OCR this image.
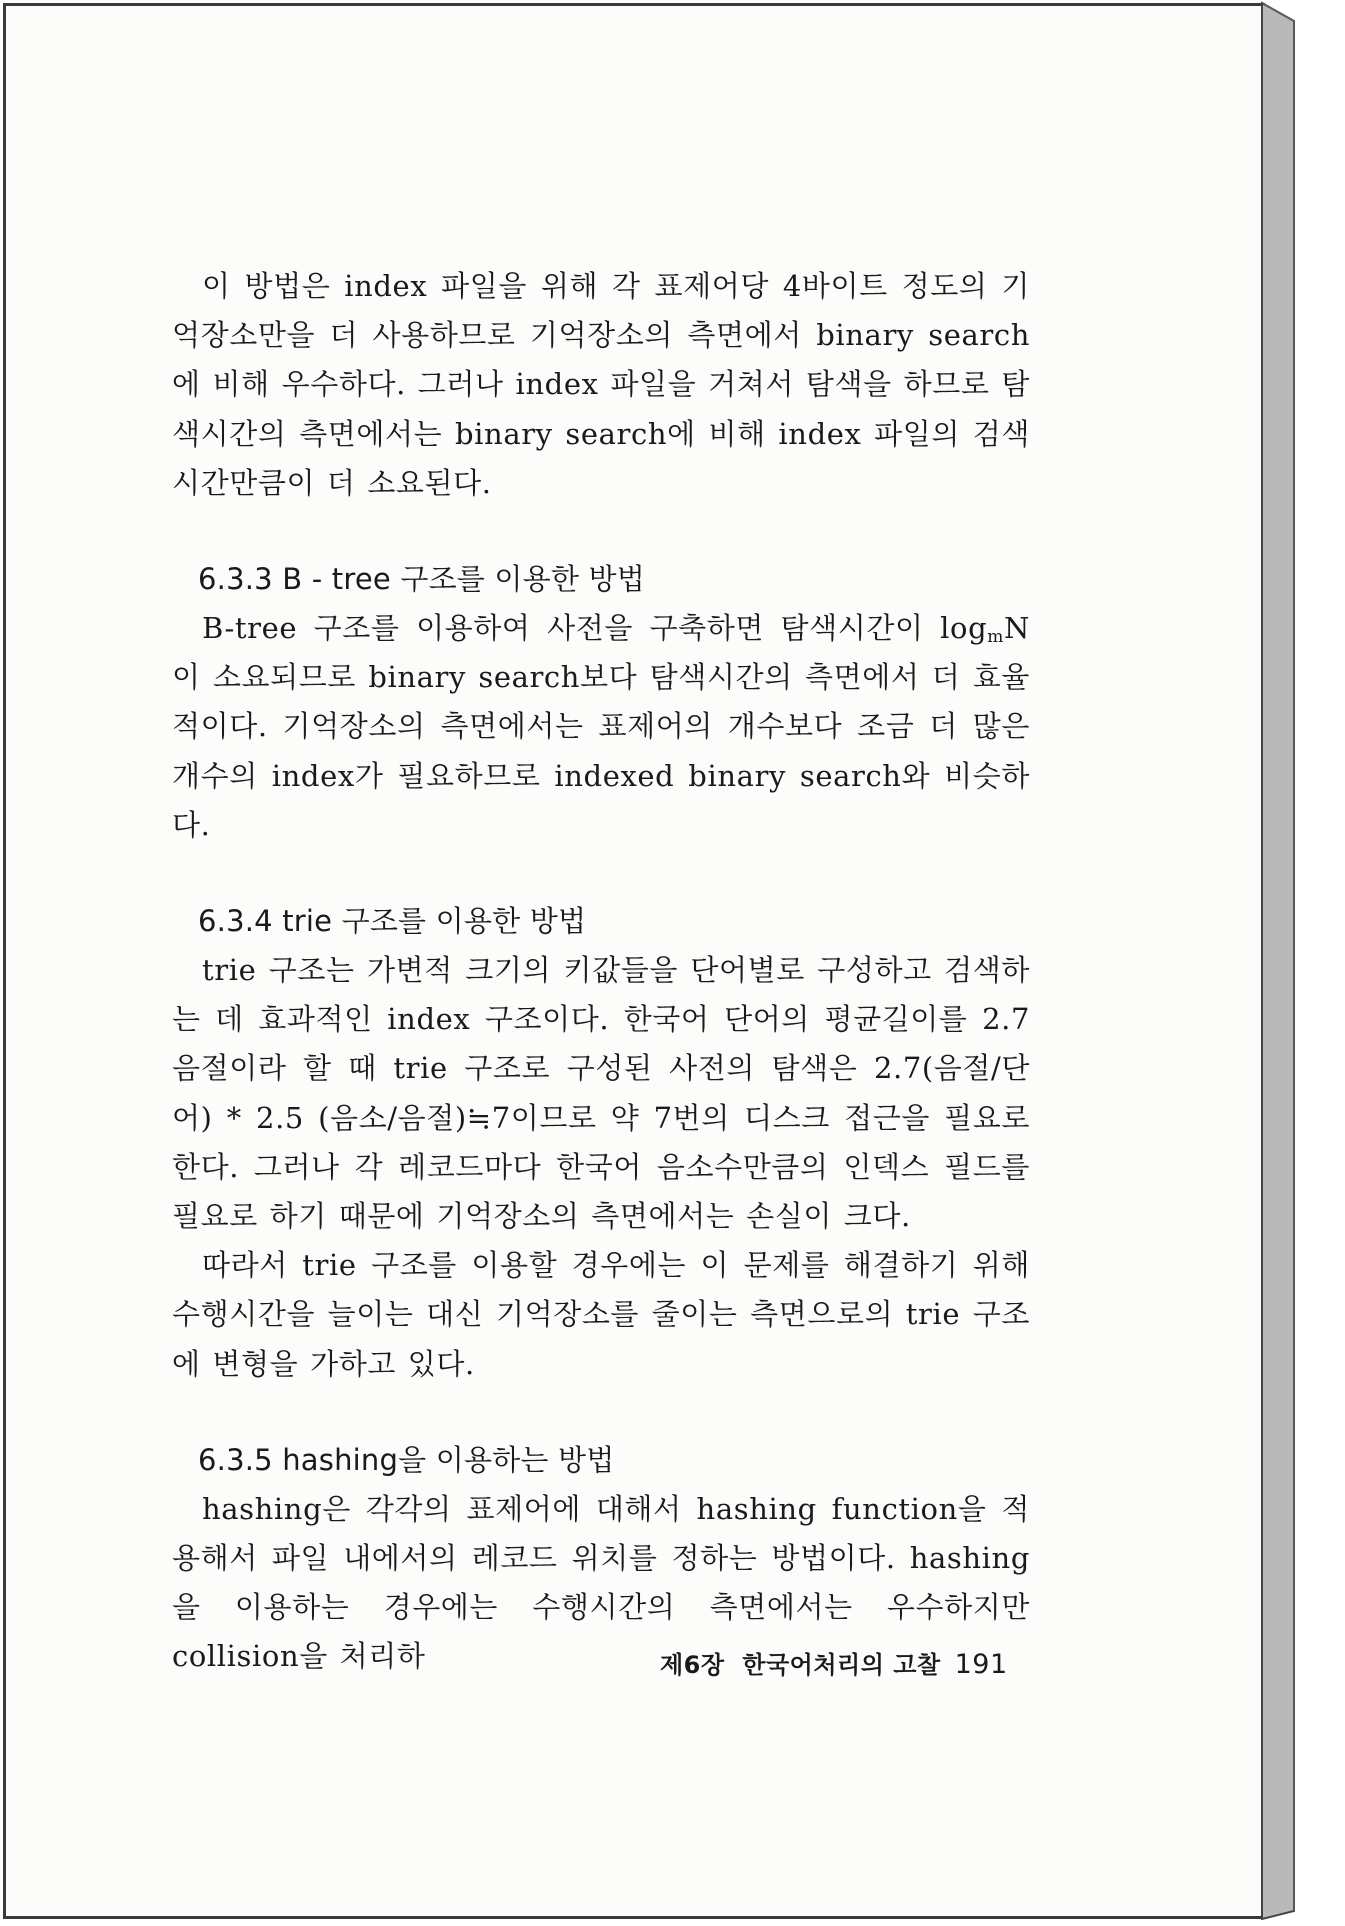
이 방법은 index 파일을 위해 각 표제어당 4바이트 정도의 기억장소만을 더 사용하므로 기억장소의 측면에서 binary search에 비해 우수하다. 그러나 index 파일을 거쳐서 탐색을 하므로 탐색시간의 측면에서는 binary search에 비해 index 파일의 검색시간만큼이 더 소요된다.

6.3.3 B - tree 구조를 이용한 방법

B-tree 구조를 이용하여 사전을 구축하면 탐색시간이 $\log_mN$이 소요되므로 binary search보다 탐색시간의 측면에서 더 효율적이다. 기억장소의 측면에서는 표제어의 개수보다 조금 더 많은 개수의 index가 필요하므로 indexed binary search와 비슷하다.

6.3.4 trie 구조를 이용한 방법

trie 구조는 가변적 크기의 키값들을 단어별로 구성하고 검색하는 데 효과적인 index 구조이다. 한국어 단어의 평균길이를 2.7음절이라 할 때 trie 구조로 구성된 사전의 탐색은 2.7(음절/단어) * 2.5 (음소/음절)≒7이므로 약 7번의 디스크 접근을 필요로 한다. 그러나 각 레코드마다 한국어 음소수만큼의 인덱스 필드를 필요로 하기 때문에 기억장소의 측면에서는 손실이 크다.

따라서 trie 구조를 이용할 경우에는 이 문제를 해결하기 위해 수행시간을 늘이는 대신 기억장소를 줄이는 측면으로의 trie 구조에 변형을 가하고 있다.

6.3.5 hashing을 이용하는 방법

hashing은 각각의 표제어에 대해서 hashing function을 적용해서 파일 내에서의 레코드 위치를 정하는 방법이다. hashing을 이용하는 경우에는 수행시간의 측면에서는 우수하지만 collision을 처리하	제6장  한국어처리의 고찰 191
